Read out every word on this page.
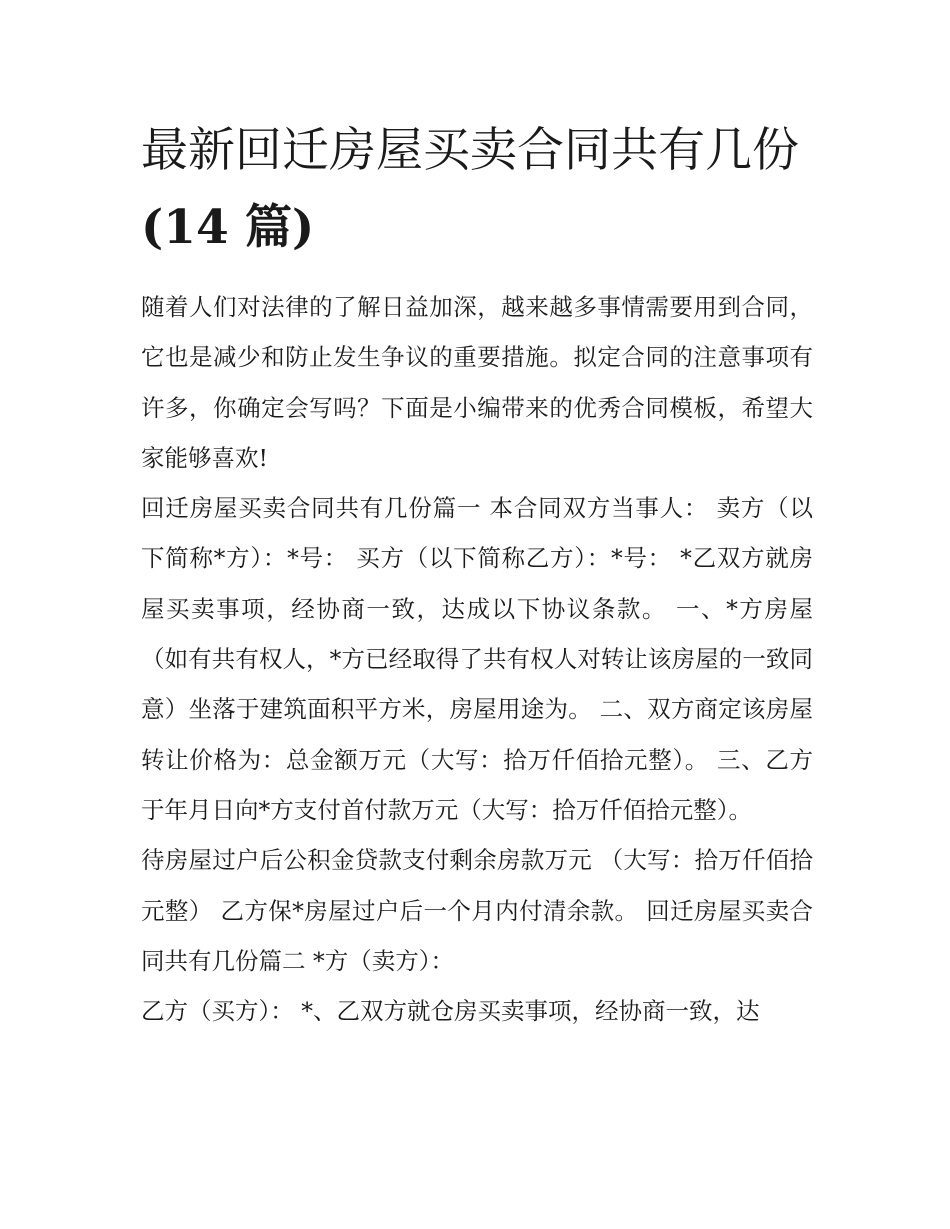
最新回迁房屋买卖合同共有几份(14 篇)

随着人们对法律的了解日益加深，越来越多事情需要用到合同，它也是减少和防止发生争议的重要措施。拟定合同的注意事项有许多，你确定会写吗？下面是小编带来的优秀合同模板，希望大家能够喜欢!

回迁房屋买卖合同共有几份篇一 本合同双方当事人： 卖方（以下简称*方）：*号： 买方（以下简称乙方）：*号： *乙双方就房屋买卖事项，经协商一致，达成以下协议条款。 一、*方房屋（如有共有权人，*方已经取得了共有权人对转让该房屋的一致同意）坐落于建筑面积平方米，房屋用途为。 二、双方商定该房屋转让价格为：总金额万元（大写：拾万仟佰拾元整）。 三、乙方于年月日向*方支付首付款万元（大写：拾万仟佰拾元整）。

待房屋过户后公积金贷款支付剩余房款万元 （大写：拾万仟佰拾元整） 乙方保*房屋过户后一个月内付清余款。 回迁房屋买卖合同共有几份篇二 *方（卖方）：

乙方（买方）： *、乙双方就仓房买卖事项，经协商一致，达
